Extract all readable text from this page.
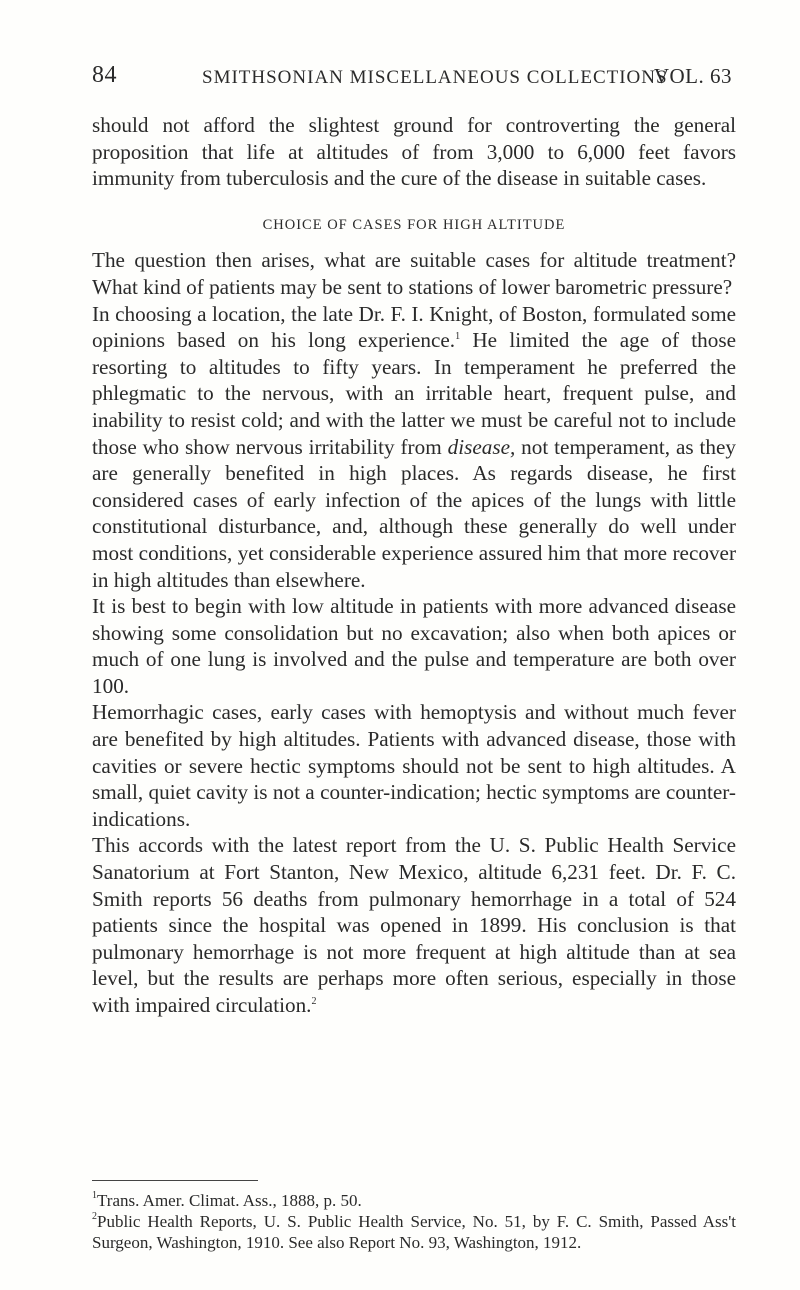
84	SMITHSONIAN MISCELLANEOUS COLLECTIONS
VOL. 63

should not afford the slightest ground for controverting the general proposition that life at altitudes of from 3,000 to 6,000 feet favors immunity from tuberculosis and the cure of the disease in suitable cases.

CHOICE OF CASES FOR HIGH ALTITUDE

The question then arises, what are suitable cases for altitude treatment? What kind of patients may be sent to stations of lower barometric pressure?

In choosing a location, the late Dr. F. I. Knight, of Boston, formulated some opinions based on his long experience.$^1$ He limited the age of those resorting to altitudes to fifty years. In temperament he preferred the phlegmatic to the nervous, with an irritable heart, frequent pulse, and inability to resist cold; and with the latter we must be careful not to include those who show nervous irritability from disease, not temperament, as they are generally benefited in high places. As regards disease, he first considered cases of early infection of the apices of the lungs with little constitutional disturbance, and, although these generally do well under most conditions, yet considerable experience assured him that more recover in high altitudes than elsewhere.

It is best to begin with low altitude in patients with more advanced disease showing some consolidation but no excavation; also when both apices or much of one lung is involved and the pulse and temperature are both over 100.

Hemorrhagic cases, early cases with hemoptysis and without much fever are benefited by high altitudes. Patients with advanced disease, those with cavities or severe hectic symptoms should not be sent to high altitudes. A small, quiet cavity is not a counter-indication; hectic symptoms are counter-indications.

This accords with the latest report from the U. S. Public Health Service Sanatorium at Fort Stanton, New Mexico, altitude 6,231 feet. Dr. F. C. Smith reports 56 deaths from pulmonary hemorrhage in a total of 524 patients since the hospital was opened in 1899. His conclusion is that pulmonary hemorrhage is not more frequent at high altitude than at sea level, but the results are perhaps more often serious, especially in those with impaired circulation.$^2$

$^1$Trans. Amer. Climat. Ass., 1888, p. 50.

$^2$Public Health Reports, U. S. Public Health Service, No. 51, by F. C. Smith, Passed Ass't Surgeon, Washington, 1910. See also Report No. 93, Washington, 1912.
